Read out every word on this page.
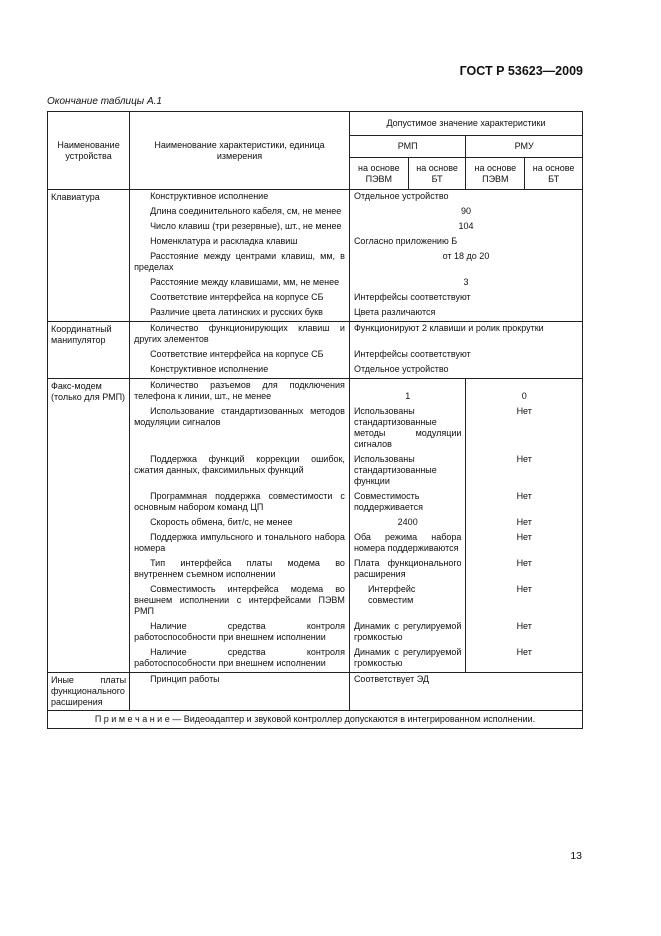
ГОСТ Р 53623—2009
Окончание таблицы А.1
Наименование устройства	Наименование характеристики, единица измерения	Допустимое значение характеристики			
		РМП		РМУ	
		на основе ПЭВМ	на основе БТ	на основе ПЭВМ	на основе БТ
Клавиатура	Конструктивное исполнение	Отдельное устройство			
	Длина соединительного кабеля, см, не менее	90			
	Число клавиш (три резервные), шт., не менее	104			
	Номенклатура и раскладка клавиш	Согласно приложению Б			
	Расстояние между центрами клавиш, мм, в пределах	от 18 до 20			
	Расстояние между клавишами, мм, не менее	3			
	Соответствие интерфейса на корпусе СБ	Интерфейсы соответствуют			
	Различие цвета латинских и русских букв	Цвета различаются			
Координатный манипулятор	Количество функционирующих клавиш и других элементов	Функционируют 2 клавиши и ролик прокрутки			
	Соответствие интерфейса на корпусе СБ	Интерфейсы соответствуют			
	Конструктивное исполнение	Отдельное устройство			
Факс-модем (только для РМП)	Количество разъемов для подключения телефона к линии, шт., не менее	1		0	
	Использование стандартизованных методов модуляции сигналов	Использованы стандартизованные методы модуляции сигналов		Нет	
	Поддержка функций коррекции ошибок, сжатия данных, факсимильных функций	Использованы стандартизованные функции		Нет	
	Программная поддержка совместимости с основным набором команд ЦП	Совместимость поддерживается		Нет	
	Скорость обмена, бит/с, не менее	2400		Нет	
	Поддержка импульсного и тонального набора номера	Оба режима набора номера поддерживаются		Нет	
	Тип интерфейса платы модема во внутреннем съемном исполнении	Плата функционального расширения		Нет	
	Совместимость интерфейса модема во внешнем исполнении с интерфейсами ПЭВМ РМП	Интерфейс совместим		Нет	
	Наличие средства контроля работоспособности при внешнем исполнении	Динамик с регулируемой громкостью		Нет	
	Наличие средства контроля работоспособности при внешнем исполнении	Динамик с регулируемой громкостью		Нет	
Иные платы функционального расширения	Принцип работы	Соответствует ЭД			
П р и м е ч а н и е — Видеоадаптер и звуковой контроллер допускаются в интегрированном исполнении.					
13
